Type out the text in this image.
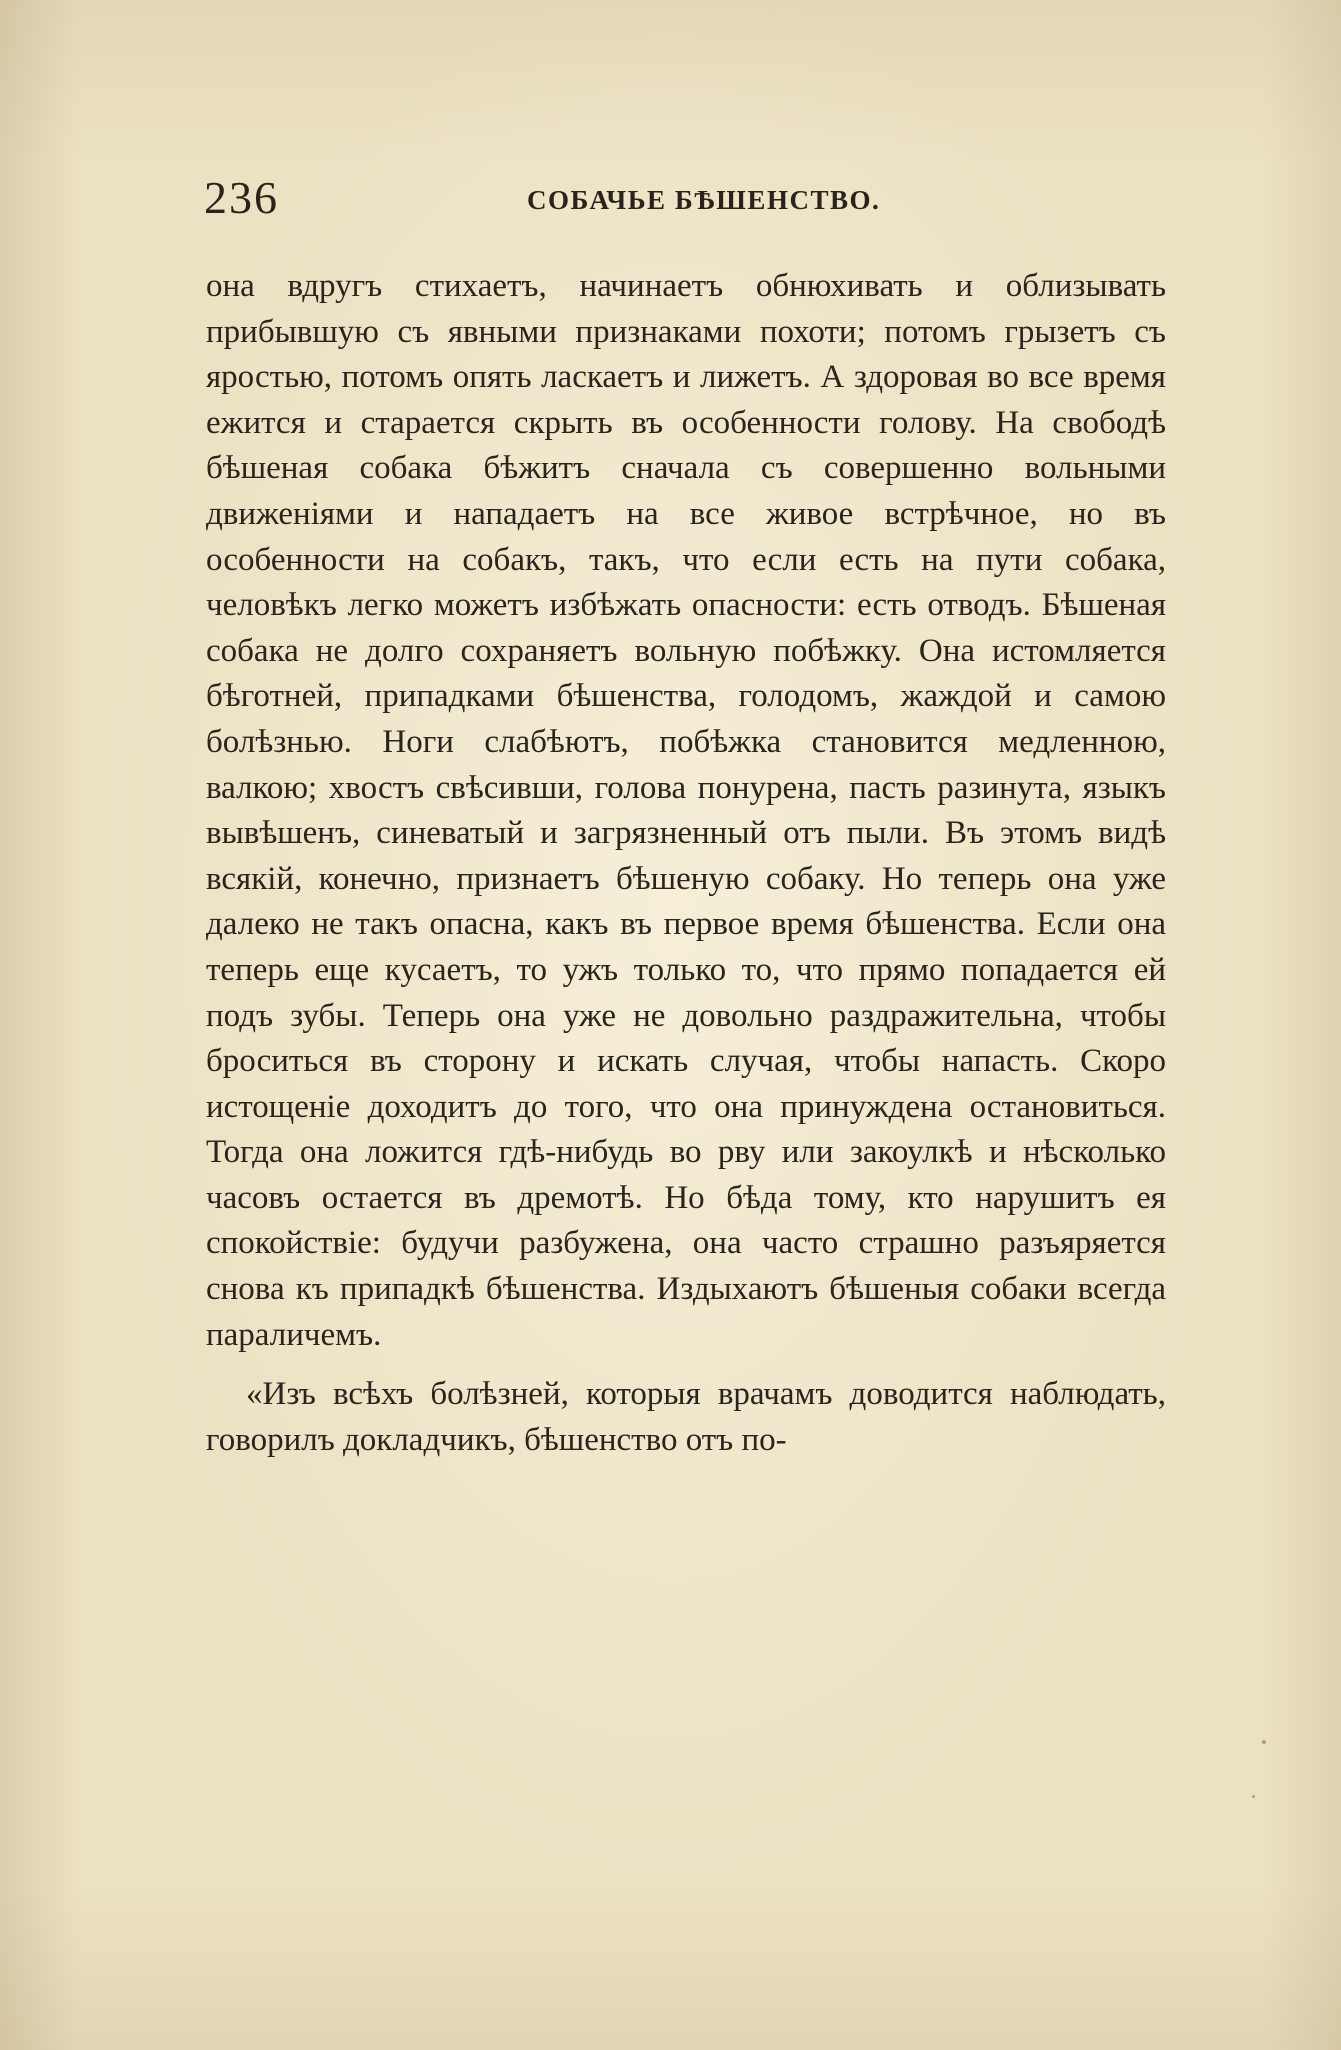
236	СОБАЧЬЕ БѢШЕНСТВО.

она вдругъ стихаетъ, начинаетъ обнюхивать и облизывать прибывшую съ явными признаками похоти; потомъ грызетъ съ яростью, потомъ опять ласкаетъ и лижетъ. А здоровая во все время ежится и старается скрыть въ особенности голову. На свободѣ бѣшеная собака бѣжитъ сначала съ совершенно вольными движеніями и нападаетъ на все живое встрѣчное, но въ особенности на собакъ, такъ, что если есть на пути собака, человѣкъ легко можетъ избѣжать опасности: есть отводъ. Бѣшеная собака не долго сохраняетъ вольную побѣжку. Она истомляется бѣготней, припадками бѣшенства, голодомъ, жаждой и самою болѣзнью. Ноги слабѣютъ, побѣжка становится медленною, валкою; хвостъ свѣсивши, голова понурена, пасть разинута, языкъ вывѣшенъ, синеватый и загрязненный отъ пыли. Въ этомъ видѣ всякій, конечно, признаетъ бѣшеную собаку. Но теперь она уже далеко не такъ опасна, какъ въ первое время бѣшенства. Если она теперь еще кусаетъ, то ужъ только то, что прямо попадается ей подъ зубы. Теперь она уже не довольно раздражительна, чтобы броситься въ сторону и искать случая, чтобы напасть. Скоро истощеніе доходитъ до того, что она принуждена остановиться. Тогда она ложится гдѣ-нибудь во рву или закоулкѣ и нѣсколько часовъ остается въ дремотѣ. Но бѣда тому, кто нарушитъ ея спокойствіе: будучи разбужена, она часто страшно разъяряется снова къ припадкѣ бѣшенства. Издыхаютъ бѣшеныя собаки всегда параличемъ.

«Изъ всѣхъ болѣзней, которыя врачамъ доводится наблюдать, говорилъ докладчикъ, бѣшенство отъ по-
